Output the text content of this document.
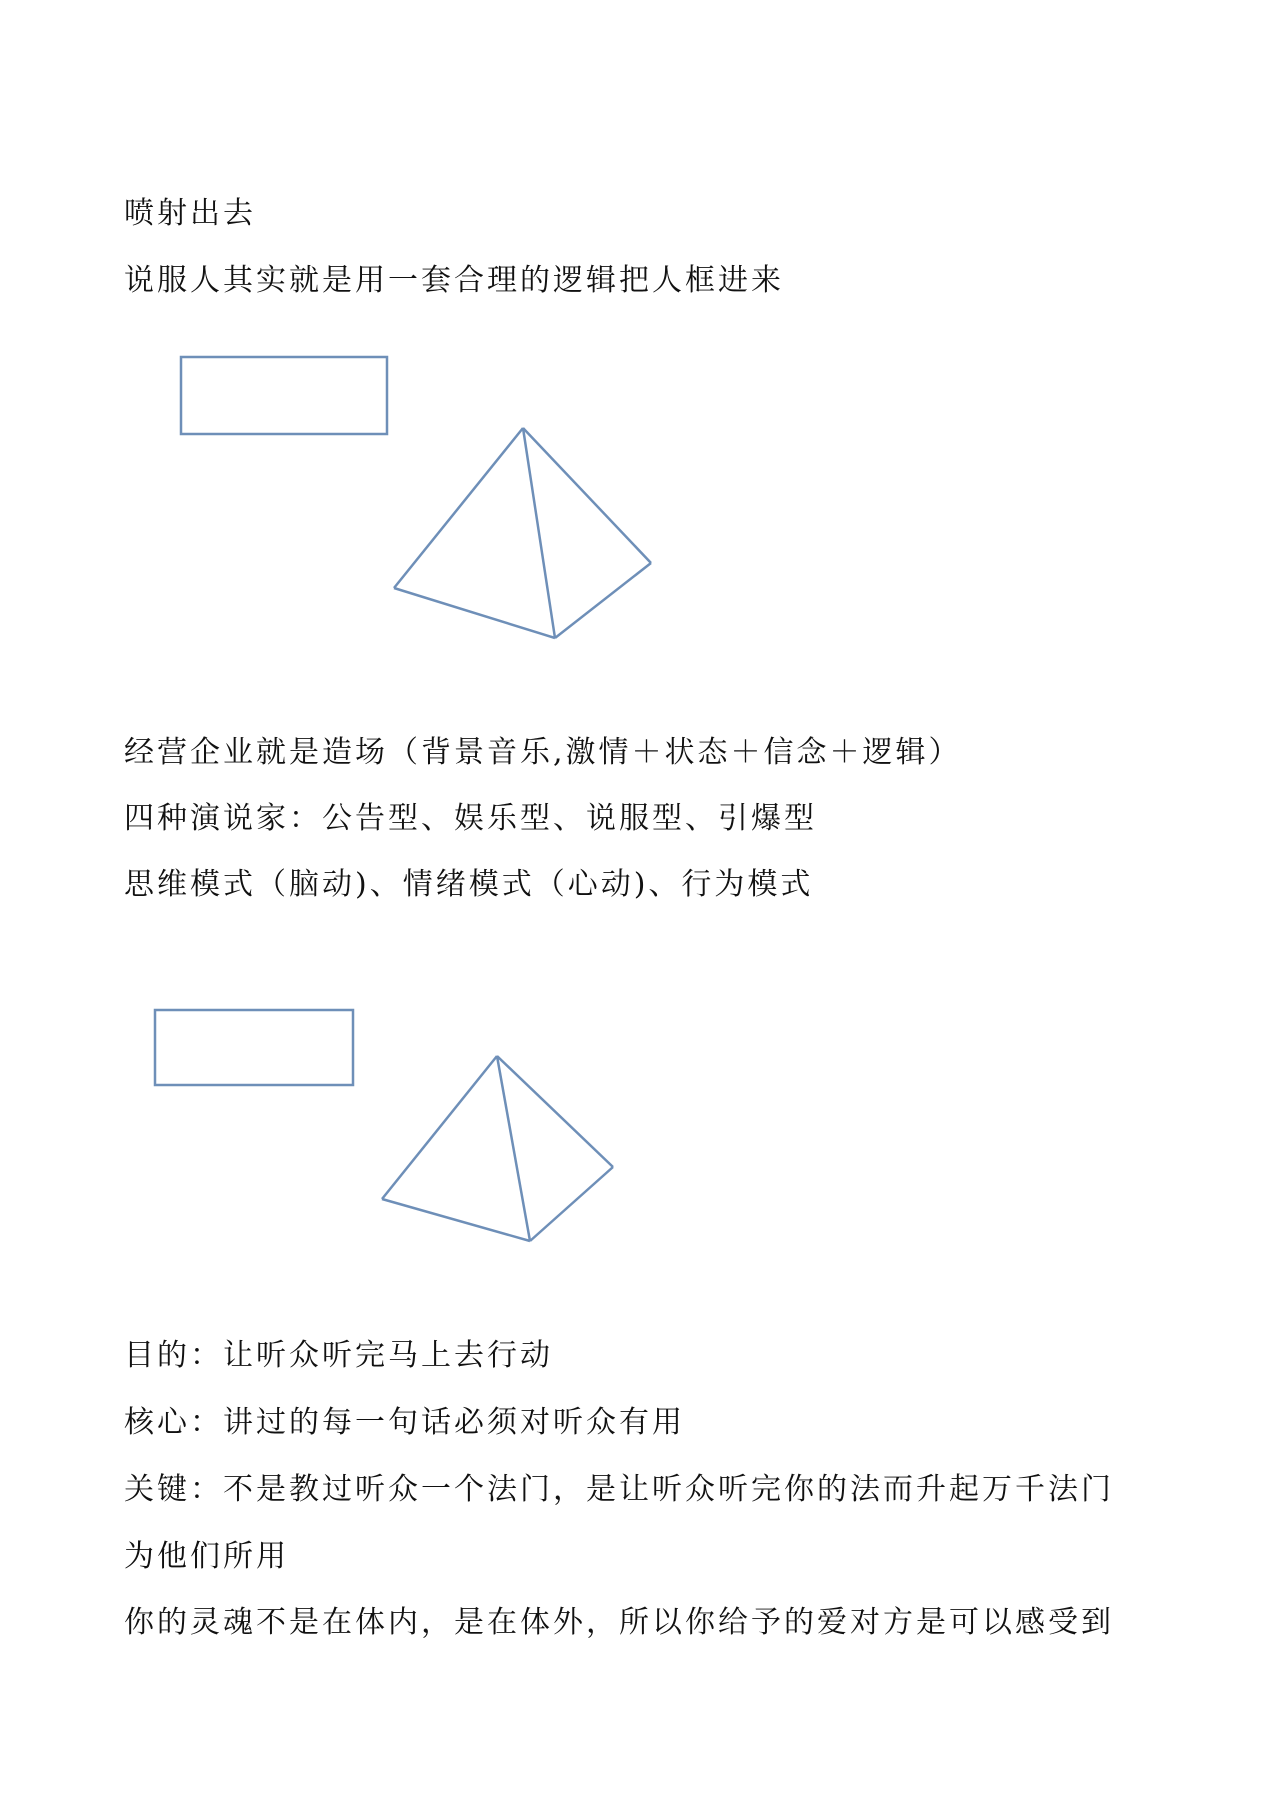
喷射出去
说服人其实就是用一套合理的逻辑把人框进来
经营企业就是造场（背景音乐,激情＋状态＋信念＋逻辑）
四种演说家：公告型、娱乐型、说服型、引爆型
思维模式（脑动)、情绪模式（心动)、行为模式
目的：让听众听完马上去行动
核心：讲过的每一句话必须对听众有用
关键：不是教过听众一个法门，是让听众听完你的法而升起万千法门
为他们所用
你的灵魂不是在体内，是在体外，所以你给予的爱对方是可以感受到
